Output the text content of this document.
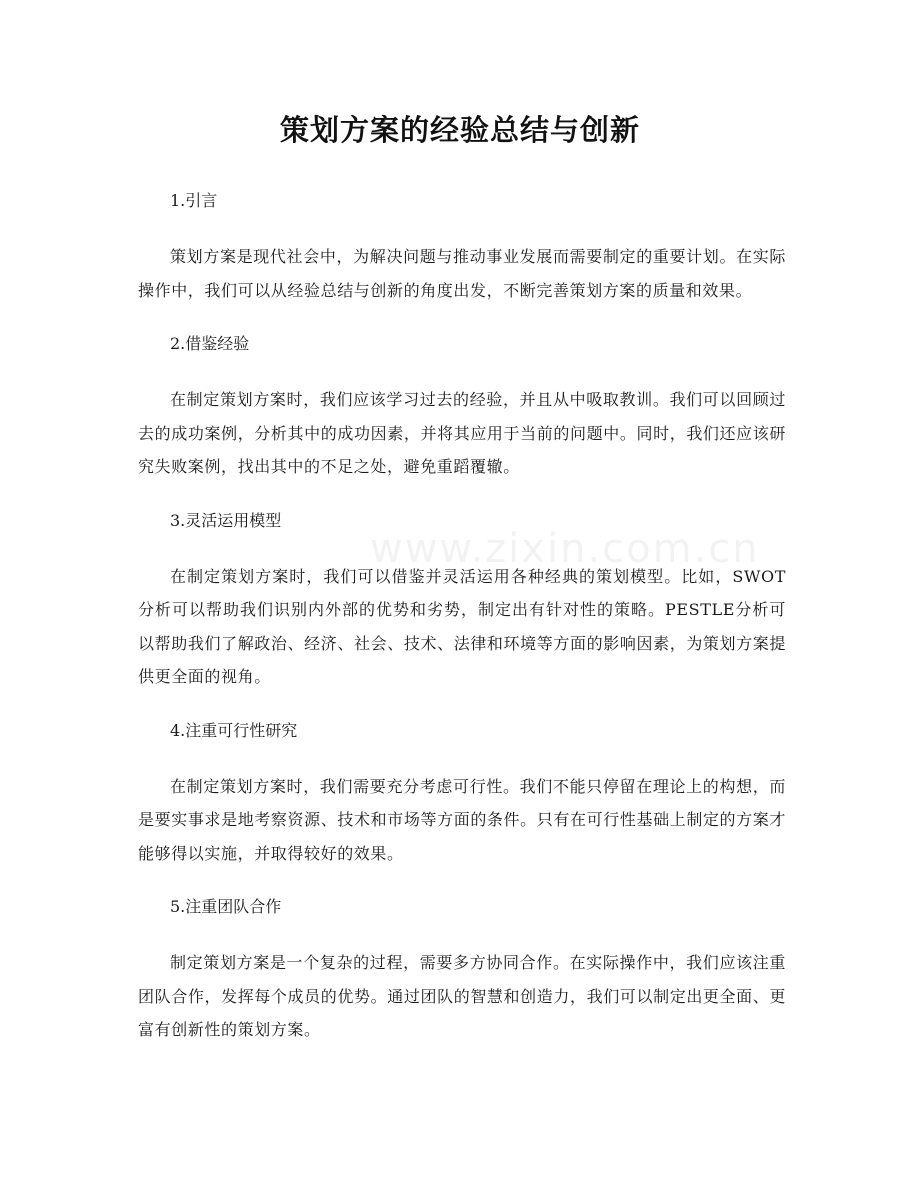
www.zixin.com.cn
策划方案的经验总结与创新

1.引言

策划方案是现代社会中，为解决问题与推动事业发展而需要制定的重要计划。在实际操作中，我们可以从经验总结与创新的角度出发，不断完善策划方案的质量和效果。

2.借鉴经验

在制定策划方案时，我们应该学习过去的经验，并且从中吸取教训。我们可以回顾过去的成功案例，分析其中的成功因素，并将其应用于当前的问题中。同时，我们还应该研究失败案例，找出其中的不足之处，避免重蹈覆辙。

3.灵活运用模型

在制定策划方案时，我们可以借鉴并灵活运用各种经典的策划模型。比如，SWOT分析可以帮助我们识别内外部的优势和劣势，制定出有针对性的策略。PESTLE分析可以帮助我们了解政治、经济、社会、技术、法律和环境等方面的影响因素，为策划方案提供更全面的视角。

4.注重可行性研究

在制定策划方案时，我们需要充分考虑可行性。我们不能只停留在理论上的构想，而是要实事求是地考察资源、技术和市场等方面的条件。只有在可行性基础上制定的方案才能够得以实施，并取得较好的效果。

5.注重团队合作

制定策划方案是一个复杂的过程，需要多方协同合作。在实际操作中，我们应该注重团队合作，发挥每个成员的优势。通过团队的智慧和创造力，我们可以制定出更全面、更富有创新性的策划方案。
